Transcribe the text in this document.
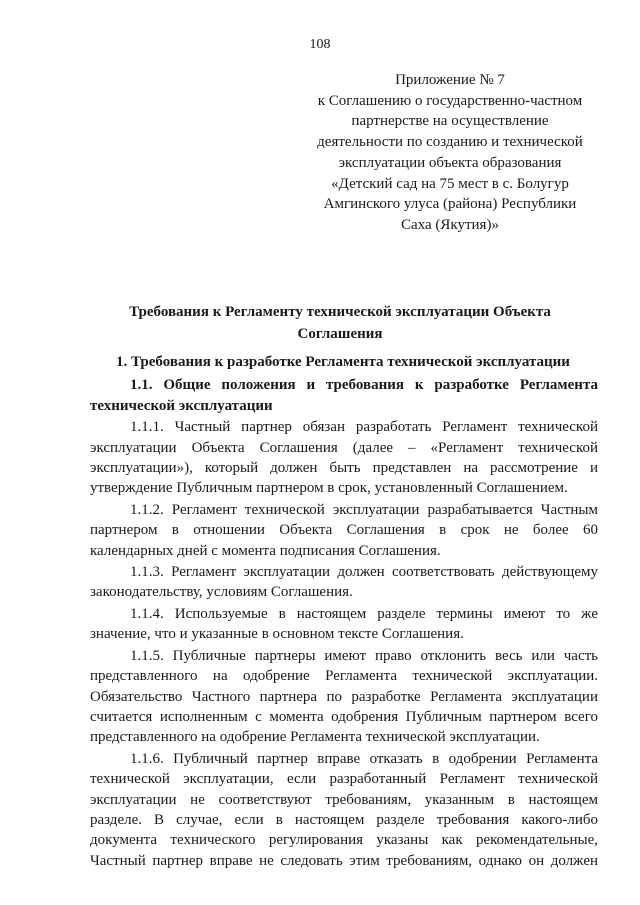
108
Приложение № 7
к Соглашению о государственно-частном
партнерстве на осуществление
деятельности по созданию и технической
эксплуатации объекта образования
«Детский сад на 75 мест в с. Болугур
Амгинского улуса (района) Республики
Саха (Якутия)»
Требования к Регламенту технической эксплуатации Объекта
Соглашения
1. Требования к разработке Регламента технической эксплуатации
1.1. Общие положения и требования к разработке Регламента
технической эксплуатации
1.1.1. Частный партнер обязан разработать Регламент технической
эксплуатации Объекта Соглашения (далее – «Регламент технической
эксплуатации»), который должен быть представлен на рассмотрение и
утверждение Публичным партнером в срок, установленный Соглашением.
1.1.2. Регламент технической эксплуатации разрабатывается Частным
партнером в отношении Объекта Соглашения в срок не более 60
календарных дней с момента подписания Соглашения.
1.1.3. Регламент эксплуатации должен соответствовать действующему
законодательству, условиям Соглашения.
1.1.4. Используемые в настоящем разделе термины имеют то же
значение, что и указанные в основном тексте Соглашения.
1.1.5. Публичные партнеры имеют право отклонить весь или часть
представленного на одобрение Регламента технической эксплуатации.
Обязательство Частного партнера по разработке Регламента эксплуатации
считается исполненным с момента одобрения Публичным партнером всего
представленного на одобрение Регламента технической эксплуатации.
1.1.6. Публичный партнер вправе отказать в одобрении Регламента
технической эксплуатации, если разработанный Регламент технической
эксплуатации не соответствуют требованиям, указанным в настоящем
разделе. В случае, если в настоящем разделе требования какого-либо
документа технического регулирования указаны как рекомендательные,
Частный партнер вправе не следовать этим требованиям, однако он должен
